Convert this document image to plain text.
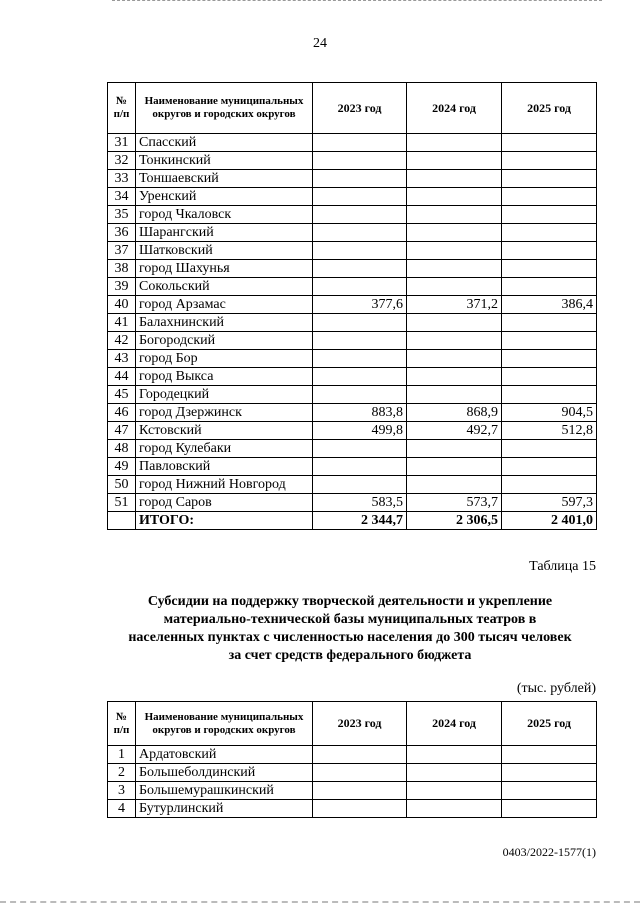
24
№ п/п	Наименование муниципальных округов и городских округов	2023 год	2024 год	2025 год
31	Спасский			
32	Тонкинский			
33	Тоншаевский			
34	Уренский			
35	город Чкаловск			
36	Шарангский			
37	Шатковский			
38	город Шахунья			
39	Сокольский			
40	город Арзамас	377,6	371,2	386,4
41	Балахнинский			
42	Богородский			
43	город Бор			
44	город Выкса			
45	Городецкий			
46	город Дзержинск	883,8	868,9	904,5
47	Кстовский	499,8	492,7	512,8
48	город Кулебаки			
49	Павловский			
50	город Нижний Новгород			
51	город Саров	583,5	573,7	597,3
	ИТОГО:	2 344,7	2 306,5	2 401,0
Таблица 15
Субсидии на поддержку творческой деятельности и укрепление
материально-технической базы муниципальных театров в
населенных пунктах с численностью населения до 300 тысяч человек
за счет средств федерального бюджета
(тыс. рублей)
№ п/п	Наименование муниципальных округов и городских округов	2023 год	2024 год	2025 год
1	Ардатовский			
2	Большеболдинский			
3	Большемурашкинский			
4	Бутурлинский			
0403/2022-1577(1)
